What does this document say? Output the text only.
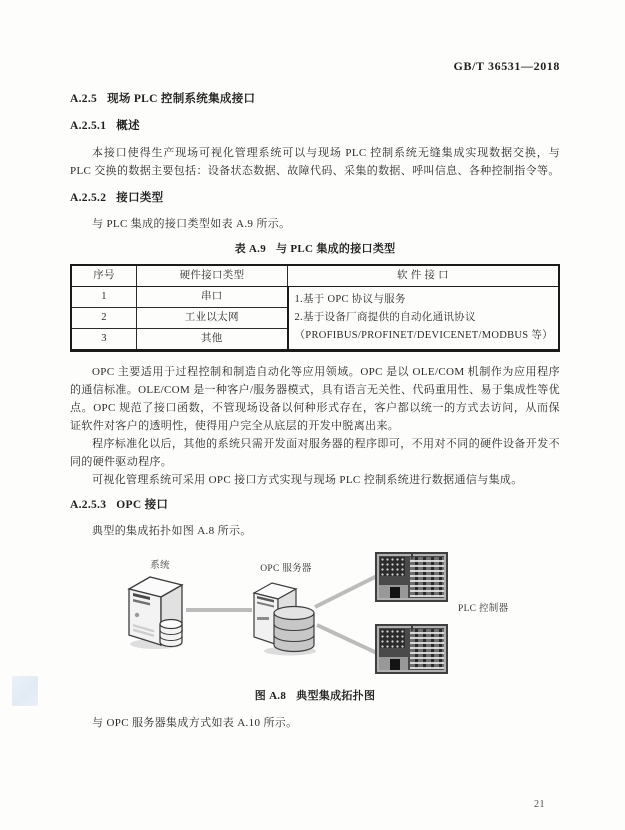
GB/T 36531—2018
A.2.5 现场 PLC 控制系统集成接口
A.2.5.1 概述

本接口使得生产现场可视化管理系统可以与现场 PLC 控制系统无缝集成实现数据交换，与 PLC 交换的数据主要包括：设备状态数据、故障代码、采集的数据、呼叫信息、各种控制指令等。

A.2.5.2 接口类型

与 PLC 集成的接口类型如表 A.9 所示。

表 A.9 与 PLC 集成的接口类型
序号	硬件接口类型	软 件 接 口
1	串口	1.基于 OPC 协议与服务
2.基于设备厂商提供的自动化通讯协议（PROFIBUS/PROFINET/DEVICENET/MODBUS 等）

2	工业以太网	
3	其他	

OPC 主要适用于过程控制和制造自动化等应用领域。OPC 是以 OLE/COM 机制作为应用程序的通信标准。OLE/COM 是一种客户/服务器模式，具有语言无关性、代码重用性、易于集成性等优点。OPC 规范了接口函数，不管现场设备以何种形式存在，客户都以统一的方式去访问，从而保证软件对客户的透明性，使得用户完全从底层的开发中脱离出来。

程序标准化以后，其他的系统只需开发面对服务器的程序即可，不用对不同的硬件设备开发不同的硬件驱动程序。

可视化管理系统可采用 OPC 接口方式实现与现场 PLC 控制系统进行数据通信与集成。

A.2.5.3 OPC 接口

典型的集成拓扑如图 A.8 所示。

系统	OPC 服务器
PLC 控制器
图 A.8 典型集成拓扑图

与 OPC 服务器集成方式如表 A.10 所示。

21
